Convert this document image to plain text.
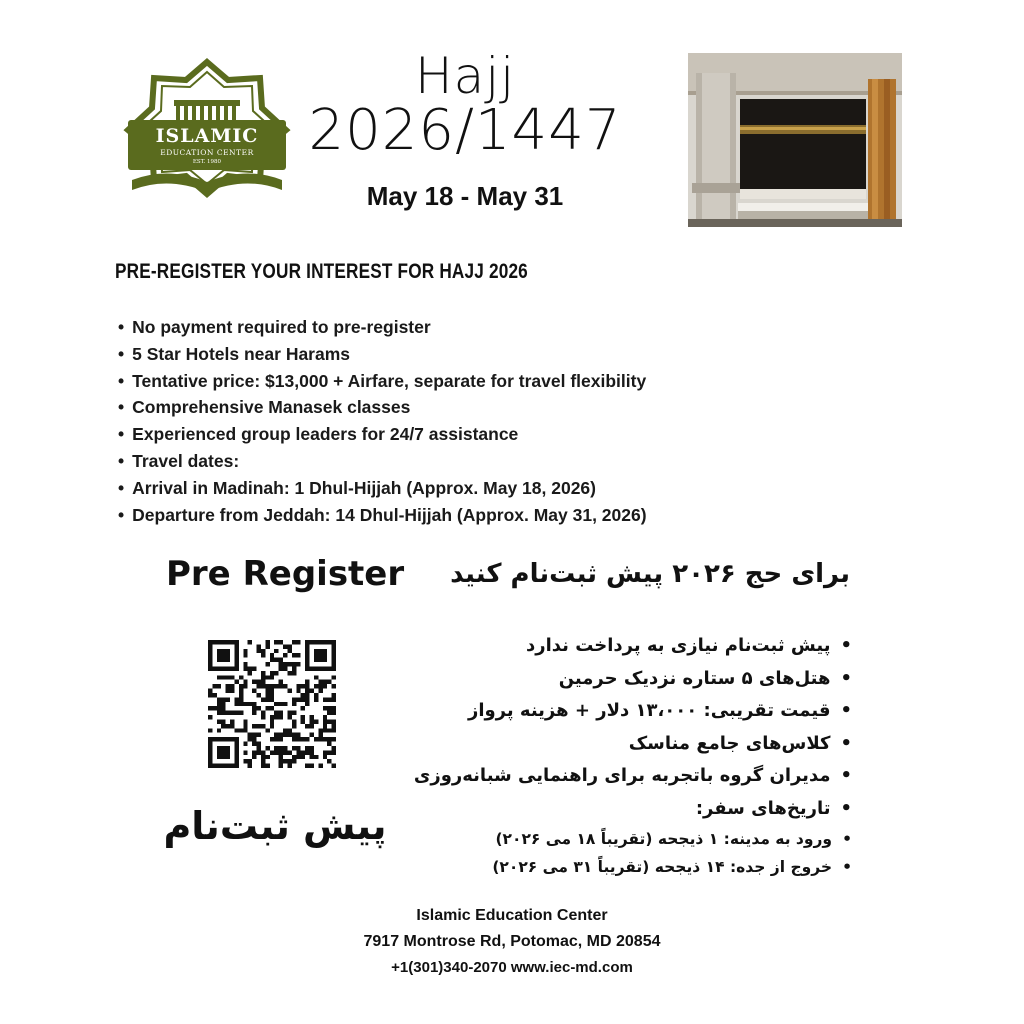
ISLAMIC
EDUCATION CENTER
EST. 1980
Hajj
2026/1447
May 18 - May 31
PRE-REGISTER YOUR INTEREST FOR HAJJ 2026
• No payment required to pre-register
• 5 Star Hotels near Harams
• Tentative price: $13,000 + Airfare, separate for travel flexibility
• Comprehensive Manasek classes
• Experienced group leaders for 24/7 assistance
• Travel dates:
• Arrival in Madinah: 1 Dhul-Hijjah (Approx. May 18, 2026)
• Departure from Jeddah: 14 Dhul-Hijjah (Approx. May 31, 2026)
Pre Register	برای حج ۲۰۲۶ پیش ثبت‌نام کنید
پیش ثبت‌نام
• پیش ثبت‌نام نیازی به پرداخت ندارد
• هتل‌های ۵ ستاره نزدیک حرمین
• قیمت تقریبی: ۱۳،۰۰۰ دلار + هزینه پرواز
• کلاس‌های جامع مناسک
• مدیران گروه باتجربه برای راهنمایی شبانه‌روزی
• تاریخ‌های سفر:
• ورود به مدینه: ۱ ذیجحه (تقریباً ۱۸ می ۲۰۲۶)
• خروج از جده: ۱۴ ذیجحه (تقریباً ۳۱ می ۲۰۲۶)
Islamic Education Center
7917 Montrose Rd, Potomac, MD 20854
+1(301)340-2070 www.iec-md.com
